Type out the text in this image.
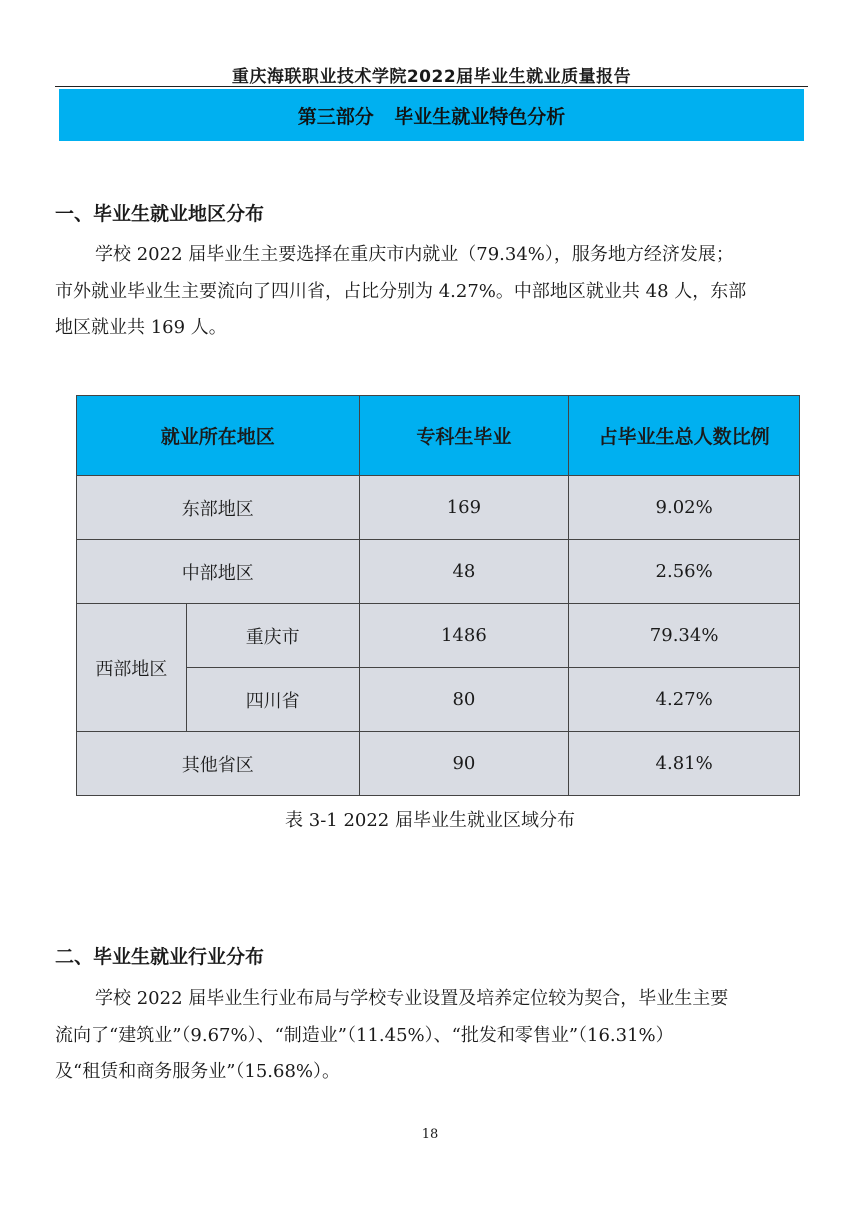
重庆海联职业技术学院2022届毕业生就业质量报告
第三部分 毕业生就业特色分析
一、毕业生就业地区分布

学校 2022 届毕业生主要选择在重庆市内就业（79.34%），服务地方经济发展；
市外就业毕业生主要流向了四川省，占比分别为 4.27%。中部地区就业共 48 人，东部
地区就业共 169 人。

就业所在地区		专科生毕业	占毕业生总人数比例
东部地区		169	9.02%
中部地区		48	2.56%
西部地区	重庆市	1486	79.34%
	四川省	80	4.27%
其他省区		90	4.81%
表 3-1 2022 届毕业生就业区域分布
二、毕业生就业行业分布

学校 2022 届毕业生行业布局与学校专业设置及培养定位较为契合，毕业生主要
流向了“建筑业”（9.67%）、“制造业”（11.45%）、“批发和零售业”（16.31%）
及“租赁和商务服务业”（15.68%）。

18
